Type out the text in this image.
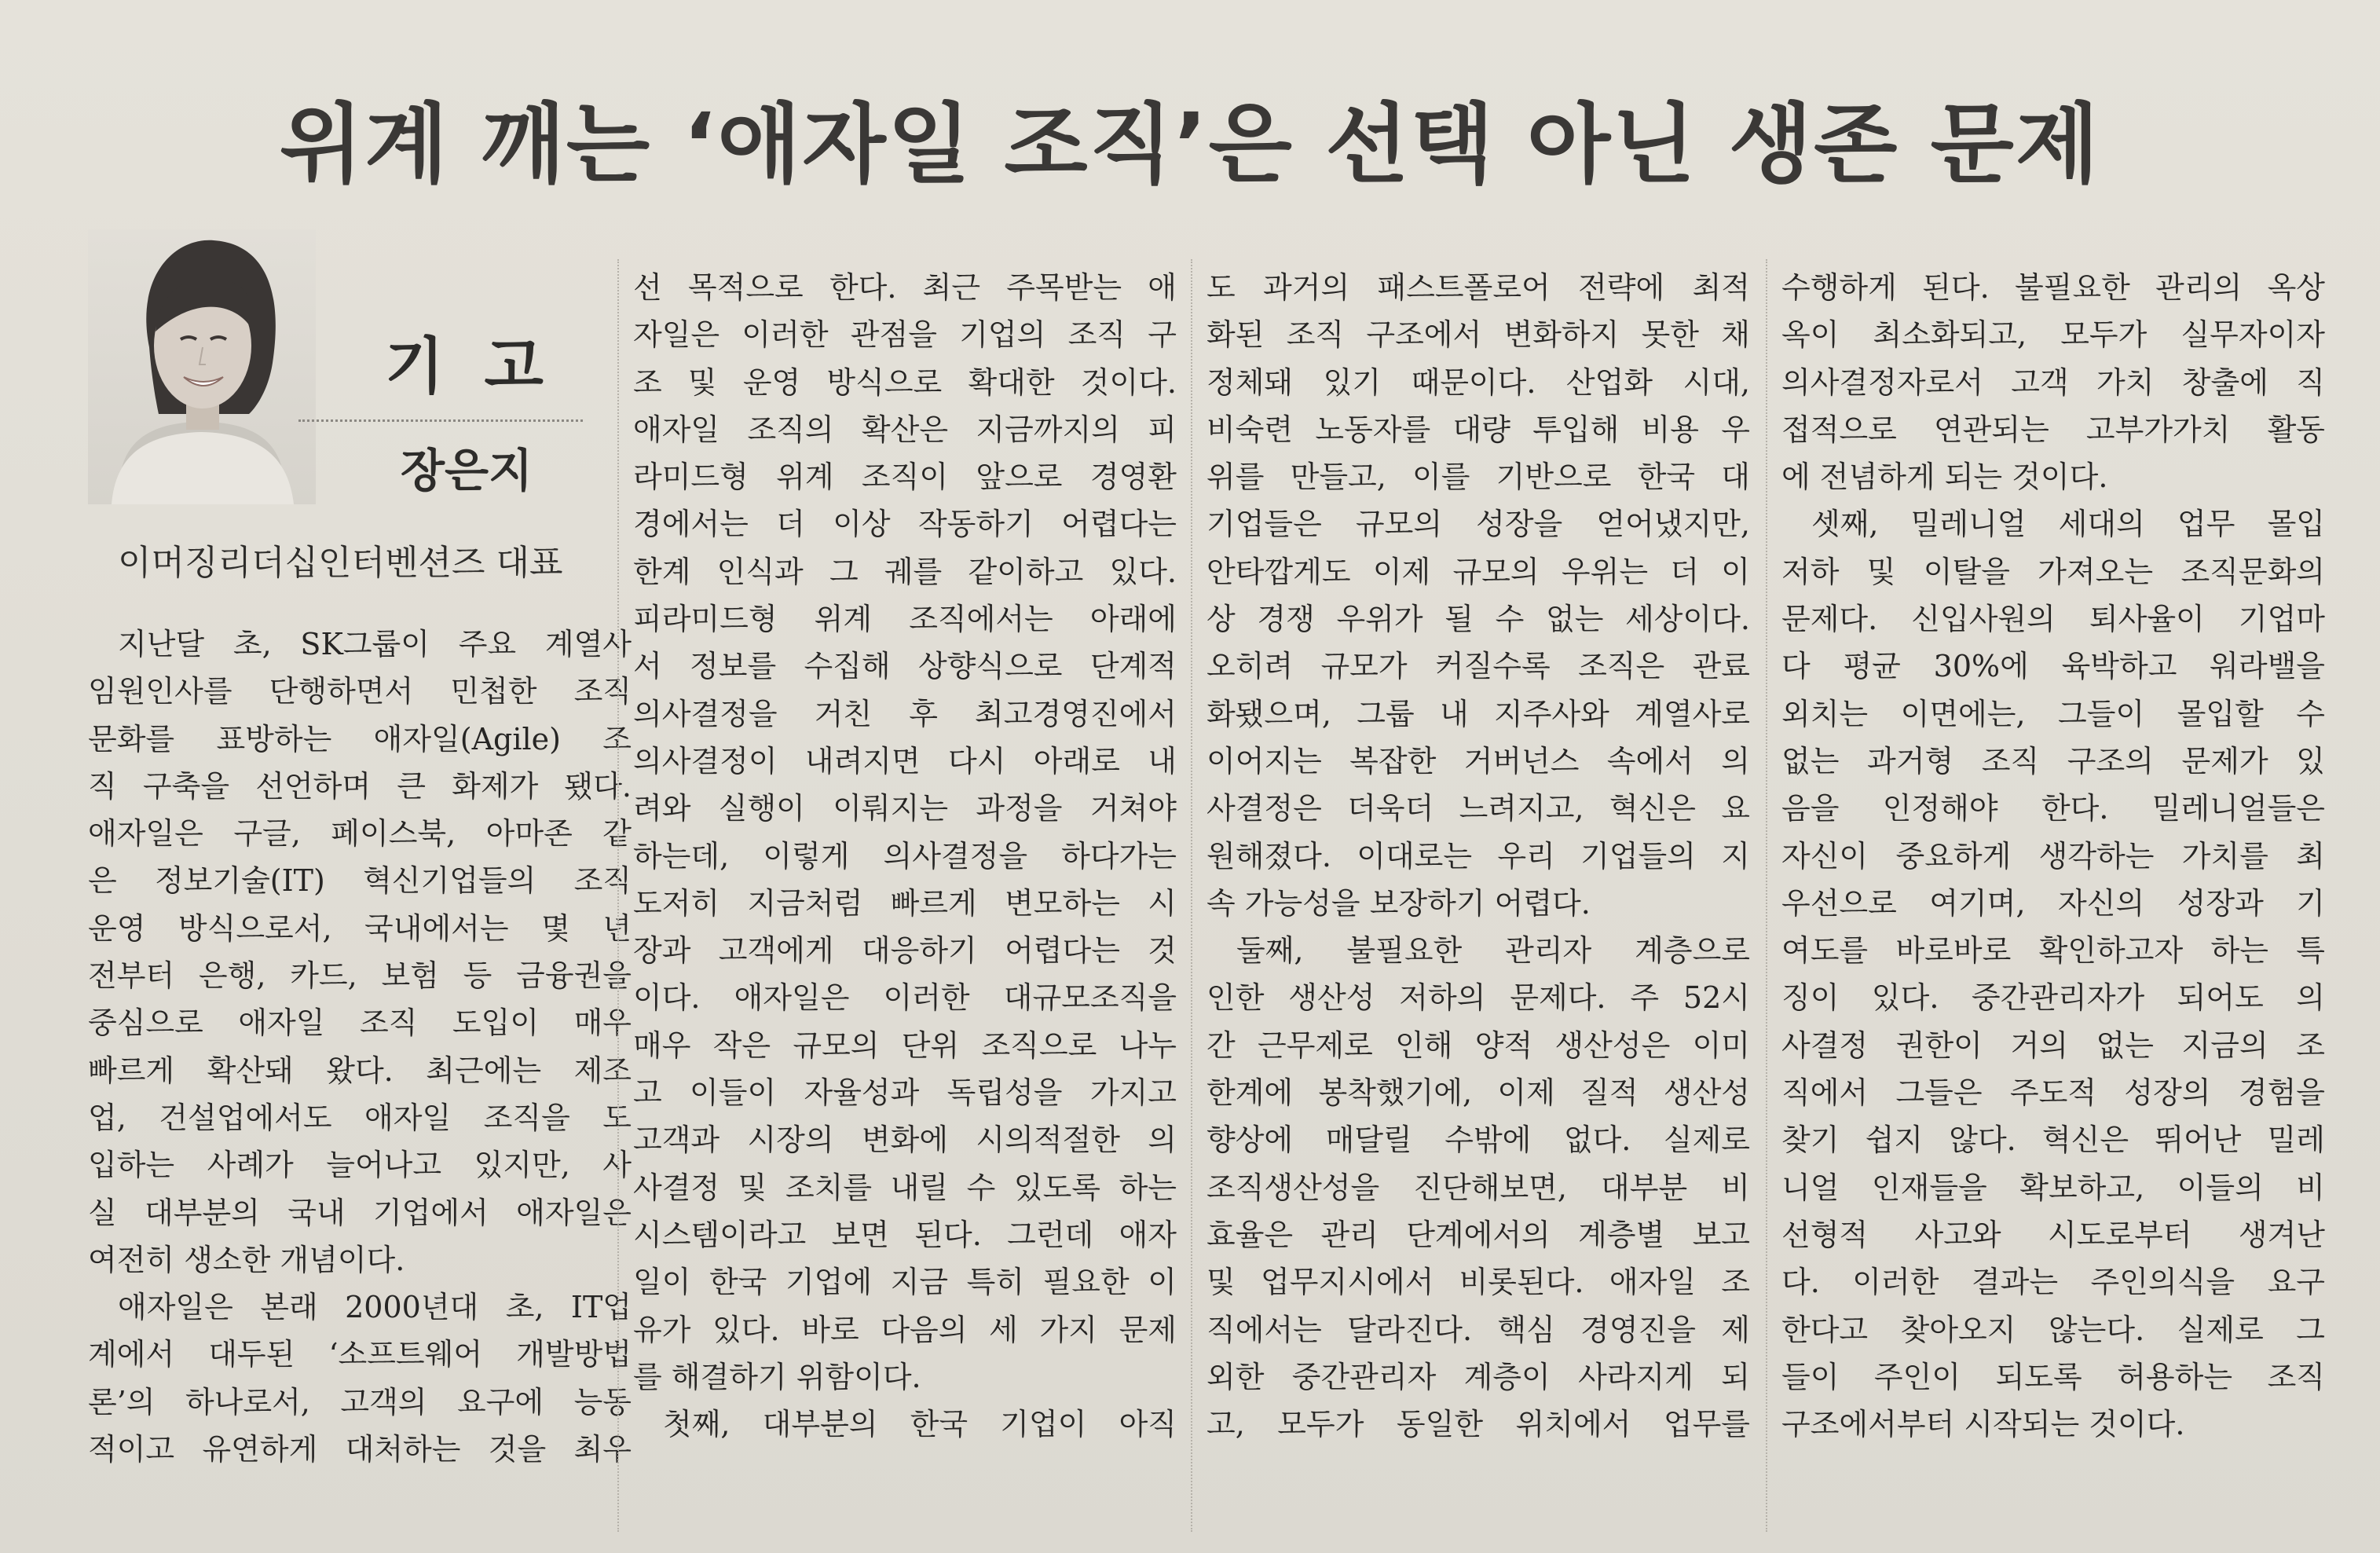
위계 깨는 ‘애자일 조직’은 선택 아닌 생존 문제
기 고
장은지
이머징리더십인터벤션즈 대표
지난달 초, SK그룹이 주요 계열사
임원인사를 단행하면서 민첩한 조직
문화를 표방하는 애자일(Agile) 조
직 구축을 선언하며 큰 화제가 됐다.
애자일은 구글, 페이스북, 아마존 같
은 정보기술(IT) 혁신기업들의 조직
운영 방식으로서, 국내에서는 몇 년
전부터 은행, 카드, 보험 등 금융권을
중심으로 애자일 조직 도입이 매우
빠르게 확산돼 왔다. 최근에는 제조
업, 건설업에서도 애자일 조직을 도
입하는 사례가 늘어나고 있지만, 사
실 대부분의 국내 기업에서 애자일은
여전히 생소한 개념이다.
애자일은 본래 2000년대 초, IT업
계에서 대두된 ‘소프트웨어 개발방법
론’의 하나로서, 고객의 요구에 능동
적이고 유연하게 대처하는 것을 최우
선 목적으로 한다. 최근 주목받는 애
자일은 이러한 관점을 기업의 조직 구
조 및 운영 방식으로 확대한 것이다.
애자일 조직의 확산은 지금까지의 피
라미드형 위계 조직이 앞으로 경영환
경에서는 더 이상 작동하기 어렵다는
한계 인식과 그 궤를 같이하고 있다.
피라미드형 위계 조직에서는 아래에
서 정보를 수집해 상향식으로 단계적
의사결정을 거친 후 최고경영진에서
의사결정이 내려지면 다시 아래로 내
려와 실행이 이뤄지는 과정을 거쳐야
하는데, 이렇게 의사결정을 하다가는
도저히 지금처럼 빠르게 변모하는 시
장과 고객에게 대응하기 어렵다는 것
이다. 애자일은 이러한 대규모조직을
매우 작은 규모의 단위 조직으로 나누
고 이들이 자율성과 독립성을 가지고
고객과 시장의 변화에 시의적절한 의
사결정 및 조치를 내릴 수 있도록 하는
시스템이라고 보면 된다. 그런데 애자
일이 한국 기업에 지금 특히 필요한 이
유가 있다. 바로 다음의 세 가지 문제
를 해결하기 위함이다.
첫째, 대부분의 한국 기업이 아직
도 과거의 패스트폴로어 전략에 최적
화된 조직 구조에서 변화하지 못한 채
정체돼 있기 때문이다. 산업화 시대,
비숙련 노동자를 대량 투입해 비용 우
위를 만들고, 이를 기반으로 한국 대
기업들은 규모의 성장을 얻어냈지만,
안타깝게도 이제 규모의 우위는 더 이
상 경쟁 우위가 될 수 없는 세상이다.
오히려 규모가 커질수록 조직은 관료
화됐으며, 그룹 내 지주사와 계열사로
이어지는 복잡한 거버넌스 속에서 의
사결정은 더욱더 느려지고, 혁신은 요
원해졌다. 이대로는 우리 기업들의 지
속 가능성을 보장하기 어렵다.
둘째, 불필요한 관리자 계층으로
인한 생산성 저하의 문제다. 주 52시
간 근무제로 인해 양적 생산성은 이미
한계에 봉착했기에, 이제 질적 생산성
향상에 매달릴 수밖에 없다. 실제로
조직생산성을 진단해보면, 대부분 비
효율은 관리 단계에서의 계층별 보고
및 업무지시에서 비롯된다. 애자일 조
직에서는 달라진다. 핵심 경영진을 제
외한 중간관리자 계층이 사라지게 되
고, 모두가 동일한 위치에서 업무를
수행하게 된다. 불필요한 관리의 옥상
옥이 최소화되고, 모두가 실무자이자
의사결정자로서 고객 가치 창출에 직
접적으로 연관되는 고부가가치 활동
에 전념하게 되는 것이다.
셋째, 밀레니얼 세대의 업무 몰입
저하 및 이탈을 가져오는 조직문화의
문제다. 신입사원의 퇴사율이 기업마
다 평균 30%에 육박하고 워라밸을
외치는 이면에는, 그들이 몰입할 수
없는 과거형 조직 구조의 문제가 있
음을 인정해야 한다. 밀레니얼들은
자신이 중요하게 생각하는 가치를 최
우선으로 여기며, 자신의 성장과 기
여도를 바로바로 확인하고자 하는 특
징이 있다. 중간관리자가 되어도 의
사결정 권한이 거의 없는 지금의 조
직에서 그들은 주도적 성장의 경험을
찾기 쉽지 않다. 혁신은 뛰어난 밀레
니얼 인재들을 확보하고, 이들의 비
선형적 사고와 시도로부터 생겨난
다. 이러한 결과는 주인의식을 요구
한다고 찾아오지 않는다. 실제로 그
들이 주인이 되도록 허용하는 조직
구조에서부터 시작되는 것이다.
